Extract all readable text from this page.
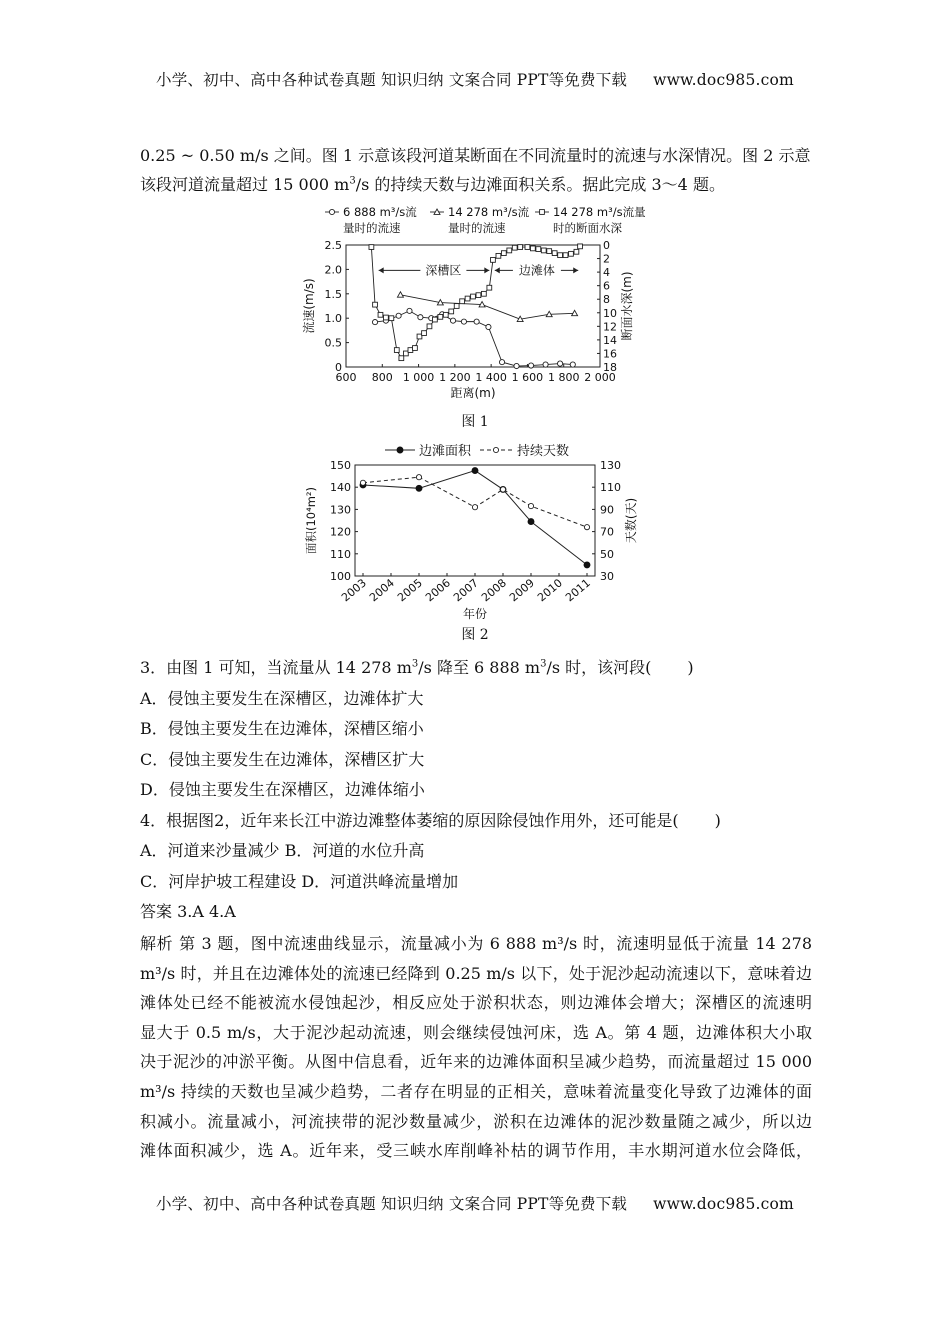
小学、初中、高中各种试卷真题 知识归纳 文案合同 PPT等免费下载 www.doc985.com
0.25 ~ 0.50 m/s 之间。图 1 示意该段河道某断面在不同流量时的流速与水深情况。图 2 示意
该段河道流量超过 15 000 $m^3/s$ 的持续天数与边滩面积关系。据此完成 3～4 题。
6 888 m³/s流
量时的流速
14 278 m³/s流
量时的流速
14 278 m³/s流量
时的断面水深
600 800 1 000 1 200 1 400 1 600 1 800 2 000
0
0.5
1.0
1.5
2.0
2.5	0
2
4
6
8
10
12
14
16
18
距离(m)
流速(m/s)	断面水深(m)
深槽区	边滩体
图 1
边滩面积	持续天数
100
110
120
130
140
150
30
50
70
90
110
130
2003
2004
2005
2006
2007
2008
2009
2010
2011
年份
面积(10⁴m²)	天数(天)
图 2
3．由图 1 可知，当流量从 14 278 $m^3/s$ 降至 6 888 $m^3/s$ 时，该河段( )
A．侵蚀主要发生在深槽区，边滩体扩大
B．侵蚀主要发生在边滩体，深槽区缩小
C．侵蚀主要发生在边滩体，深槽区扩大
D．侵蚀主要发生在深槽区，边滩体缩小
4．根据图2，近年来长江中游边滩整体萎缩的原因除侵蚀作用外，还可能是( )
A．河道来沙量减少 B．河道的水位升高
C．河岸护坡工程建设 D．河道洪峰流量增加
答案 3.A 4.A
解析 第 3 题，图中流速曲线显示，流量减小为 6 888 m³/s 时，流速明显低于流量 14 278
m³/s 时，并且在边滩体处的流速已经降到 0.25 m/s 以下，处于泥沙起动流速以下，意味着边
滩体处已经不能被流水侵蚀起沙，相反应处于淤积状态，则边滩体会增大；深槽区的流速明
显大于 0.5 m/s，大于泥沙起动流速，则会继续侵蚀河床，选 A。第 4 题，边滩体积大小取
决于泥沙的冲淤平衡。从图中信息看，近年来的边滩体面积呈减少趋势，而流量超过 15 000
m³/s 持续的天数也呈减少趋势，二者存在明显的正相关，意味着流量变化导致了边滩体的面
积减小。流量减小，河流挟带的泥沙数量减少，淤积在边滩体的泥沙数量随之减少，所以边
滩体面积减少，选 A。近年来，受三峡水库削峰补枯的调节作用，丰水期河道水位会降低，
小学、初中、高中各种试卷真题 知识归纳 文案合同 PPT等免费下载 www.doc985.com
